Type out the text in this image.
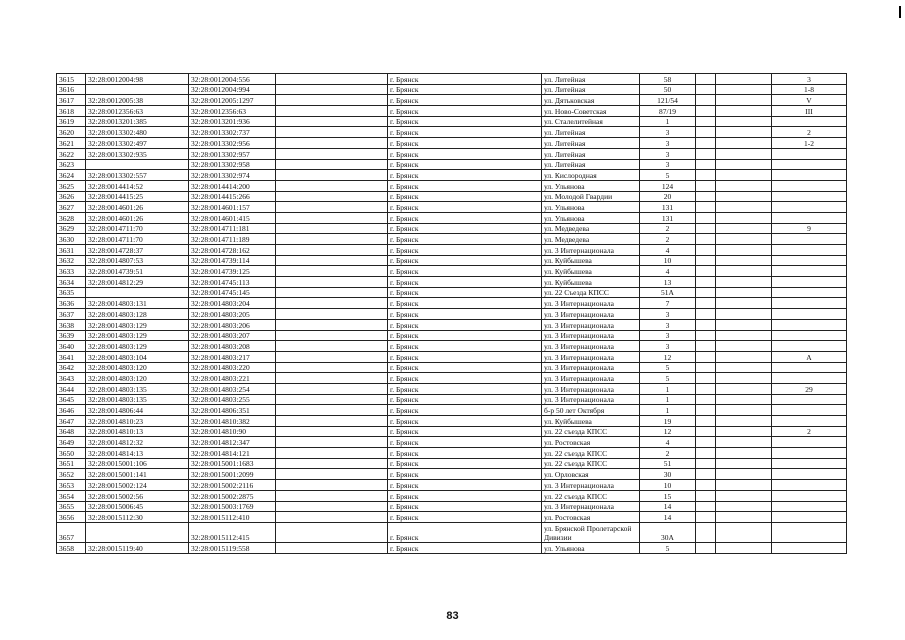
3615	32:28:0012004:98	32:28:0012004:556		г. Брянск	ул. Литейная	58			3
3616		32:28:0012004:994		г. Брянск	ул. Литейная	50			1-8
3617	32:28:0012005:38	32:28:0012005:1297		г. Брянск	ул. Дятьковская	121/54			V
3618	32:28:0012356:63	32:28:0012356:63		г. Брянск	ул. Ново-Советская	87/19			III
3619	32:28:0013201:385	32:28:0013201:936		г. Брянск	ул. Сталелитейная	1			
3620	32:28:0013302:480	32:28:0013302:737		г. Брянск	ул. Литейная	3			2
3621	32:28:0013302:497	32:28:0013302:956		г. Брянск	ул. Литейная	3			1-2
3622	32:28:0013302:935	32:28:0013302:957		г. Брянск	ул. Литейная	3			
3623		32:28:0013302:958		г. Брянск	ул. Литейная	3			
3624	32:28:0013302:557	32:28:0013302:974		г. Брянск	ул. Кислородная	5			
3625	32:28:0014414:52	32:28:0014414:200		г. Брянск	ул. Ульянова	124			
3626	32:28:0014415:25	32:28:0014415:266		г. Брянск	ул. Молодой Гвардии	20			
3627	32:28:0014601:26	32:28:0014601:157		г. Брянск	ул. Ульянова	131			
3628	32:28:0014601:26	32:28:0014601:415		г. Брянск	ул. Ульянова	131			
3629	32:28:0014711:70	32:28:0014711:181		г. Брянск	ул. Медведева	2			9
3630	32:28:0014711:70	32:28:0014711:189		г. Брянск	ул. Медведева	2			
3631	32:28:0014728:37	32:28:0014728:162		г. Брянск	ул. 3 Интернационала	4			
3632	32:28:0014807:53	32:28:0014739:114		г. Брянск	ул. Куйбышева	10			
3633	32:28:0014739:51	32:28:0014739:125		г. Брянск	ул. Куйбышева	4			
3634	32:28:0014812:29	32:28:0014745:113		г. Брянск	ул. Куйбышева	13			
3635		32:28:0014745:145		г. Брянск	ул. 22 Съезда КПСС	51А			
3636	32:28:0014803:131	32:28:0014803:204		г. Брянск	ул. 3 Интернационала	7			
3637	32:28:0014803:128	32:28:0014803:205		г. Брянск	ул. 3 Интернационала	3			
3638	32:28:0014803:129	32:28:0014803:206		г. Брянск	ул. 3 Интернационала	3			
3639	32:28:0014803:129	32:28:0014803:207		г. Брянск	ул. 3 Интернационала	3			
3640	32:28:0014803:129	32:28:0014803:208		г. Брянск	ул. 3 Интернационала	3			
3641	32:28:0014803:104	32:28:0014803:217		г. Брянск	ул. 3 Интернационала	12			А
3642	32:28:0014803:120	32:28:0014803:220		г. Брянск	ул. 3 Интернационала	5			
3643	32:28:0014803:120	32:28:0014803:221		г. Брянск	ул. 3 Интернационала	5			
3644	32:28:0014803:135	32:28:0014803:254		г. Брянск	ул. 3 Интернационала	1			29
3645	32:28:0014803:135	32:28:0014803:255		г. Брянск	ул. 3 Интернационала	1			
3646	32:28:0014806:44	32:28:0014806:351		г. Брянск	б-р 50 лет Октября	1			
3647	32:28:0014810:23	32:28:0014810:382		г. Брянск	ул. Куйбышева	19			
3648	32:28:0014810:13	32:28:0014810:90		г. Брянск	ул. 22 съезда КПСС	12			2
3649	32:28:0014812:32	32:28:0014812:347		г. Брянск	ул. Ростовская	4			
3650	32:28:0014814:13	32:28:0014814:121		г. Брянск	ул. 22 съезда КПСС	2			
3651	32:28:0015001:106	32:28:0015001:1683		г. Брянск	ул. 22 съезда КПСС	51			
3652	32:28:0015001:141	32:28:0015001:2099		г. Брянск	ул. Орловская	30			
3653	32:28:0015002:124	32:28:0015002:2116		г. Брянск	ул. 3 Интернационала	10			
3654	32:28:0015002:56	32:28:0015002:2875		г. Брянск	ул. 22 съезда КПСС	15			
3655	32:28:0015006:45	32:28:0015003:1769		г. Брянск	ул. 3 Интернационала	14			
3656	32:28:0015112:30	32:28:0015112:410		г. Брянск	ул. Ростовская	14			
3657		32:28:0015112:415		г. Брянск	ул. Брянской Пролетарской Дивизии	30А			
3658	32:28:0015119:40	32:28:0015119:558		г. Брянск	ул. Ульянова	5			
83
